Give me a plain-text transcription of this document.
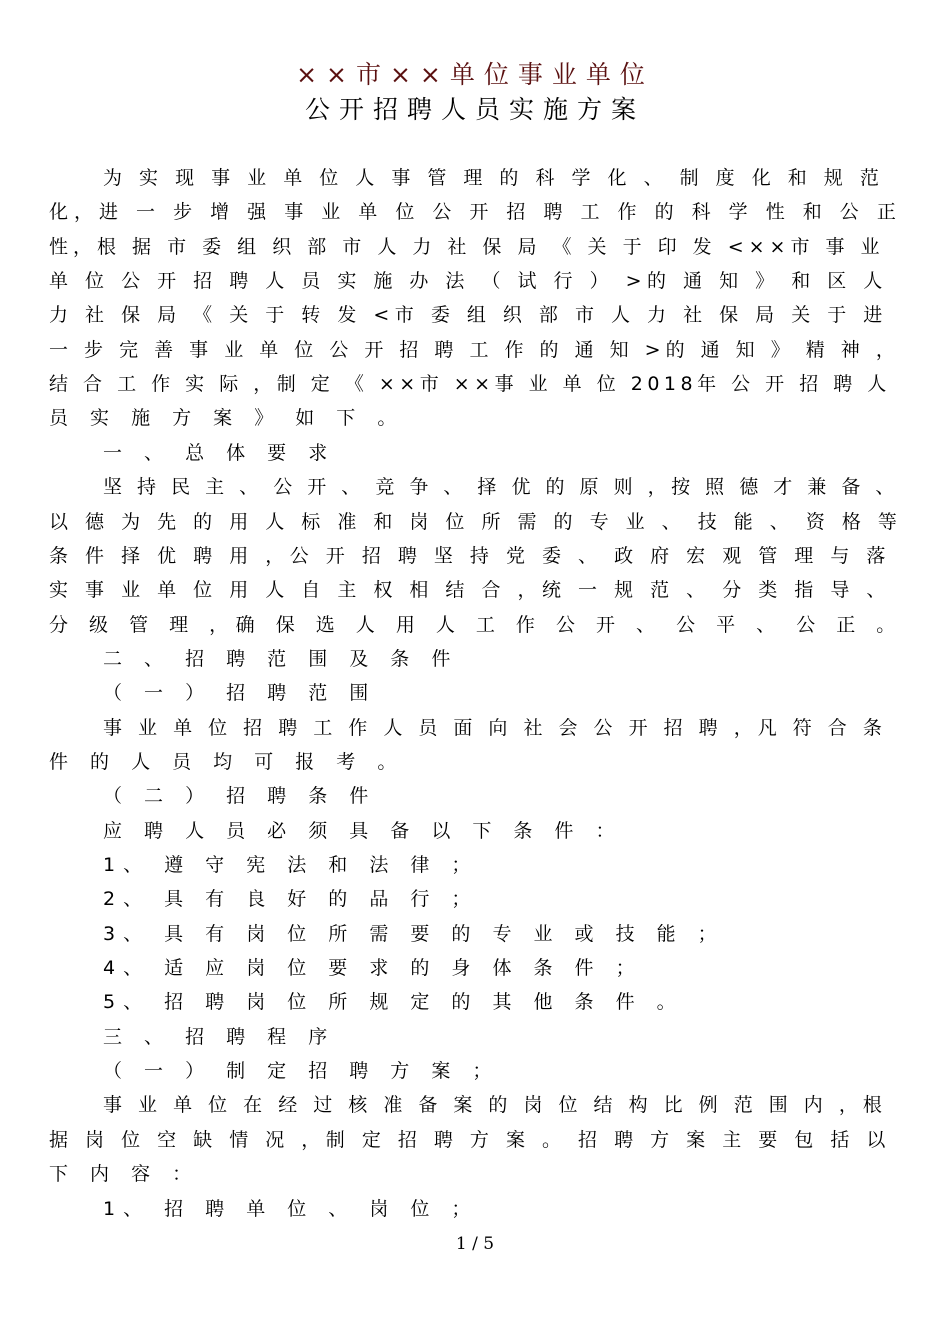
××市××单位事业单位
公开招聘人员实施方案
为 实 现 事 业 单 位 人 事 管 理 的 科 学 化 、 制 度 化 和 规 范
化，进 一 步 增 强 事 业 单 位 公 开 招 聘 工 作 的 科 学 性 和 公 正
性，根 据 市 委 组 织 部 市 人 力 社 保 局 《 关 于 印 发 <××市 事 业
单 位 公 开 招 聘 人 员 实 施 办 法 （ 试 行 ） >的 通 知 》 和 区 人
力 社 保 局 《 关 于 转 发 <市 委 组 织 部 市 人 力 社 保 局 关 于 进
一 步 完 善 事 业 单 位 公 开 招 聘 工 作 的 通 知 >的 通 知 》 精 神 ，
结 合 工 作 实 际 ，制 定 《 ××市 ××事 业 单 位 2018年 公 开 招 聘 人
员 实 施 方 案 》 如 下 。
一 、 总 体 要 求
坚 持 民 主 、 公 开 、 竞 争 、 择 优 的 原 则 ，按 照 德 才 兼 备 、
以 德 为 先 的 用 人 标 准 和 岗 位 所 需 的 专 业 、 技 能 、 资 格 等
条 件 择 优 聘 用 ，公 开 招 聘 坚 持 党 委 、 政 府 宏 观 管 理 与 落
实 事 业 单 位 用 人 自 主 权 相 结 合 ，统 一 规 范 、 分 类 指 导 、
分 级 管 理 ，确 保 选 人 用 人 工 作 公 开 、 公 平 、 公 正 。
二 、 招 聘 范 围 及 条 件
（ 一 ） 招 聘 范 围
事 业 单 位 招 聘 工 作 人 员 面 向 社 会 公 开 招 聘 ，凡 符 合 条
件 的 人 员 均 可 报 考 。
（ 二 ） 招 聘 条 件
应 聘 人 员 必 须 具 备 以 下 条 件 ：
1、 遵 守 宪 法 和 法 律 ；
2、 具 有 良 好 的 品 行 ；
3、 具 有 岗 位 所 需 要 的 专 业 或 技 能 ；
4、 适 应 岗 位 要 求 的 身 体 条 件 ；
5、 招 聘 岗 位 所 规 定 的 其 他 条 件 。
三 、 招 聘 程 序
（ 一 ） 制 定 招 聘 方 案 ；
事 业 单 位 在 经 过 核 准 备 案 的 岗 位 结 构 比 例 范 围 内 ，根
据 岗 位 空 缺 情 况 ，制 定 招 聘 方 案 。 招 聘 方 案 主 要 包 括 以
下 内 容 ：
1、 招 聘 单 位 、 岗 位 ；
1 / 5
